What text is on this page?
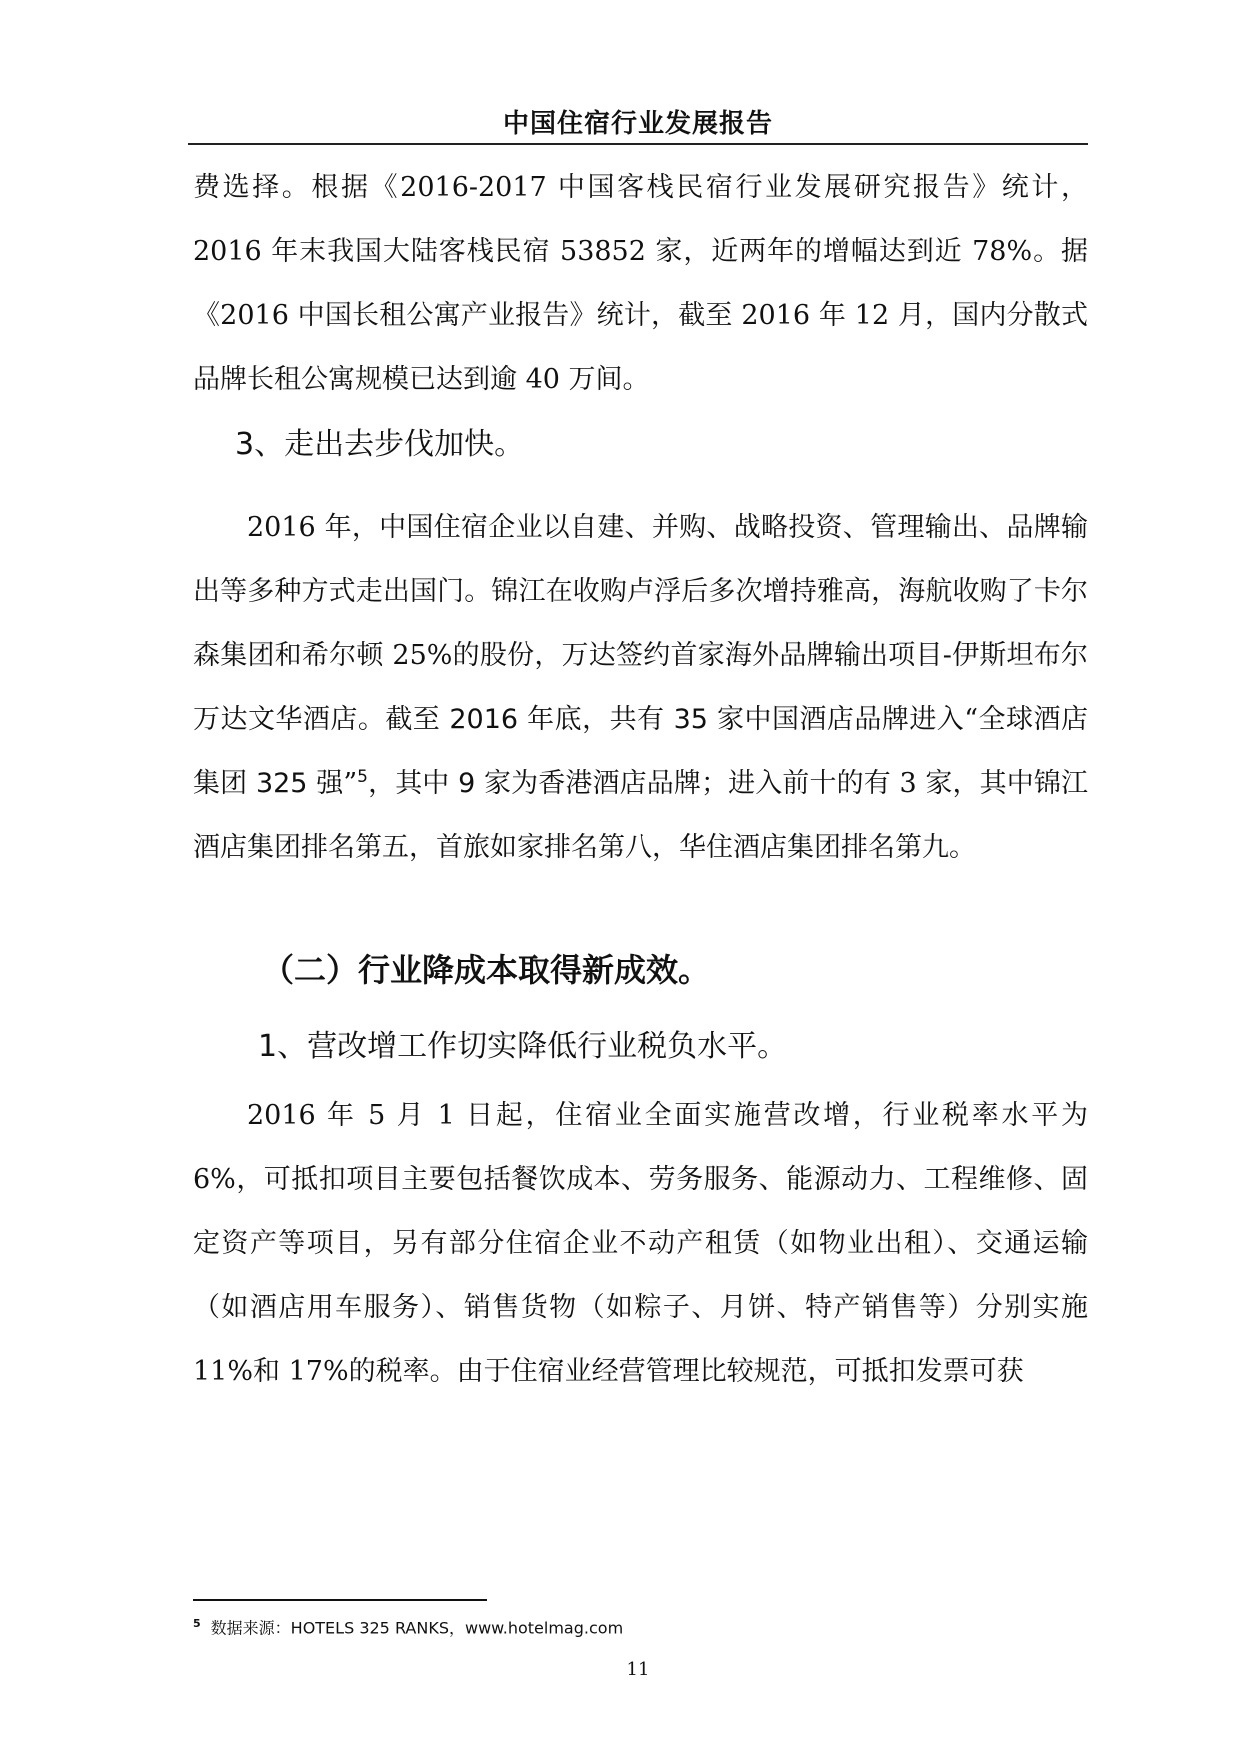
中国住宿行业发展报告

费选择。根据《2016-2017 中国客栈民宿行业发展研究报告》统计，2016 年末我国大陆客栈民宿 53852 家，近两年的增幅达到近 78%。据《2016 中国长租公寓产业报告》统计，截至 2016 年 12 月，国内分散式品牌长租公寓规模已达到逾 40 万间。

3、走出去步伐加快。

2016 年，中国住宿企业以自建、并购、战略投资、管理输出、品牌输出等多种方式走出国门。锦江在收购卢浮后多次增持雅高，海航收购了卡尔森集团和希尔顿 25%的股份，万达签约首家海外品牌输出项目-伊斯坦布尔万达文华酒店。截至 2016 年底，共有 35 家中国酒店品牌进入“全球酒店集团 325 强”$^5$，其中 9 家为香港酒店品牌；进入前十的有 3 家，其中锦江酒店集团排名第五，首旅如家排名第八，华住酒店集团排名第九。

（二）行业降成本取得新成效。

1、营改增工作切实降低行业税负水平。

2016 年 5 月 1 日起，住宿业全面实施营改增，行业税率水平为 6%，可抵扣项目主要包括餐饮成本、劳务服务、能源动力、工程维修、固定资产等项目，另有部分住宿企业不动产租赁（如物业出租）、交通运输（如酒店用车服务）、销售货物（如粽子、月饼、特产销售等）分别实施 11%和 17%的税率。由于住宿业经营管理比较规范，可抵扣发票可获

$^5$ 数据来源：HOTELS 325 RANKS，www.hotelmag.com

11
